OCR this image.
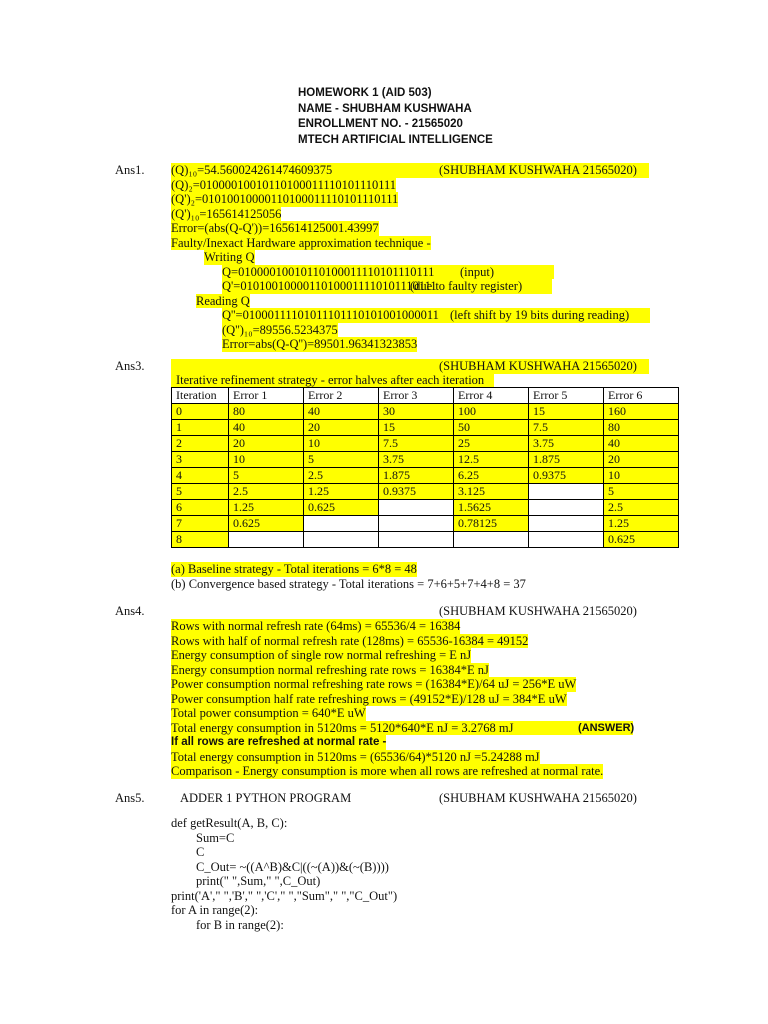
HOMEWORK 1 (AID 503)
NAME - SHUBHAM KUSHWAHA
ENROLLMENT NO. - 21565020
MTECH ARTIFICIAL INTELLIGENCE
Ans1. (Q)₁₀=54.560024261474609375	(SHUBHAM KUSHWAHA 21565020)
(Q)₂=01000010010110100011110101110111
(Q')₂=01010010000110100011110101110111
(Q')₁₀=165614125056
Error=(abs(Q-Q'))=165614125001.43997
Faulty/Inexact Hardware approximation technique -
Writing Q
Q=01000010010110100011110101110111 (input)
Q'=01010010000110100011110101110111
(due to faulty register)
Reading Q
Q''=01000111101011101110101001000011 (left shift by 19 bits during reading)
(Q'')₁₀=89556.5234375
Error=abs(Q-Q'')=89501.96341323853
Ans3.	(SHUBHAM KUSHWAHA 21565020)

Iterative refinement strategy - error halves after each iteration
Iteration	Error 1	Error 2	Error 3	Error 4	Error 5	Error 6
0	80	40	30	100	15	160
1	40	20	15	50	7.5	80
2	20	10	7.5	25	3.75	40
3	10	5	3.75	12.5	1.875	20
4	5	2.5	1.875	6.25	0.9375	10
5	2.5	1.25	0.9375	3.125		5
6	1.25	0.625		1.5625		2.5
7	0.625			0.78125		1.25
8						0.625
(a) Baseline strategy - Total iterations = 6*8 = 48
(b) Convergence based strategy - Total iterations = 7+6+5+7+4+8 = 37
Ans4.	(SHUBHAM KUSHWAHA 21565020)
Rows with normal refresh rate (64ms) = 65536/4 = 16384
Rows with half of normal refresh rate (128ms) = 65536-16384 = 49152
Energy consumption of single row normal refreshing = E nJ
Energy consumption normal refreshing rate rows = 16384*E nJ
Power consumption normal refreshing rate rows = (16384*E)/64 uJ = 256*E uW
Power consumption half rate refreshing rows = (49152*E)/128 uJ = 384*E uW
Total power consumption = 640*E uW
Total energy consumption in 5120ms = 5120*640*E nJ = 3.2768 mJ	(ANSWER)
If all rows are refreshed at normal rate -
Total energy consumption in 5120ms = (65536/64)*5120 nJ =5.24288 mJ
Comparison - Energy consumption is more when all rows are refreshed at normal rate.
Ans5.	ADDER 1 PYTHON PROGRAM	(SHUBHAM KUSHWAHA 21565020)
def getResult(A, B, C):
Sum=C
C
C_Out= ~((A^B)&C|((~(A))&(~(B))))
print(" ",Sum," ",C_Out)
print('A'," ",'B'," ",'C'," ","Sum"," ","C_Out")
for A in range(2):
for B in range(2):
